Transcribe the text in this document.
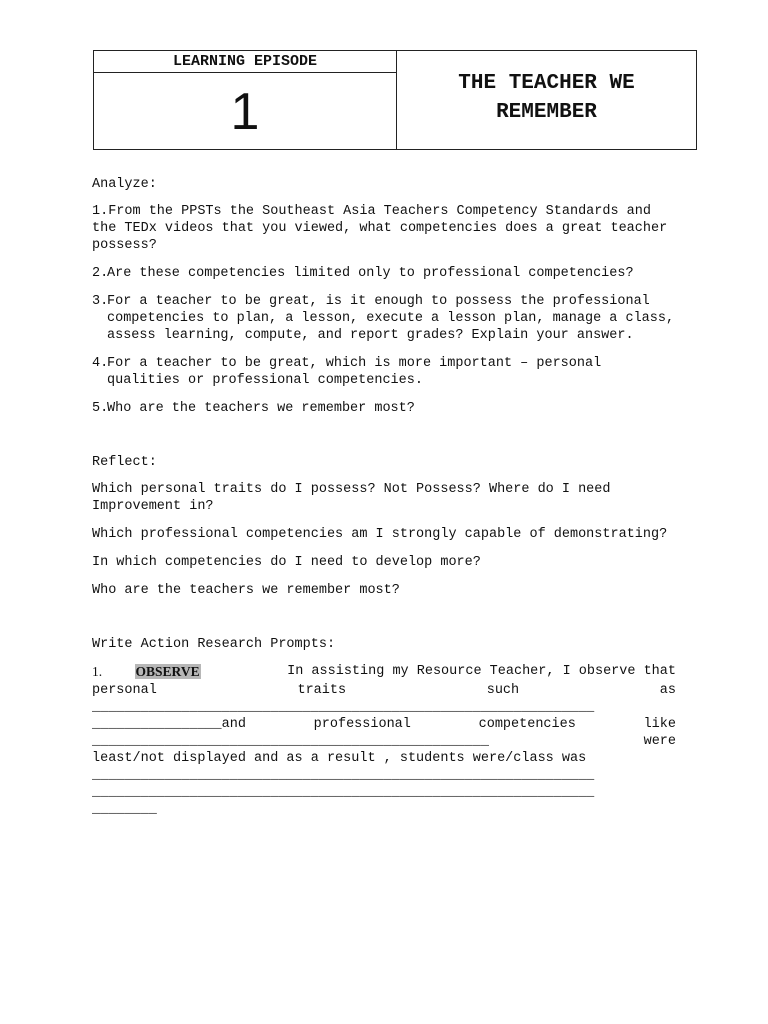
LEARNING EPISODE
1	THE TEACHER WE
REMEMBER

Analyze:

1.From the PPSTs the Southeast Asia Teachers Competency Standards and the TEDx videos that you viewed, what competencies does a great teacher possess?

2.
Are these competencies limited only to professional competencies?
3.
For a teacher to be great, is it enough to possess the professional competencies to plan, a lesson, execute a lesson plan, manage a class, assess learning, compute, and report grades? Explain your answer.
4.
For a teacher to be great, which is more important – personal qualities or professional competencies.
5.
Who are the teachers we remember most?

Reflect:

Which personal traits do I possess? Not Possess? Where do I need Improvement in?

Which professional competencies am I strongly capable of demonstrating?

In which competencies do I need to develop more?

Who are the teachers we remember most?

Write Action Research Prompts:

1. OBSERVE	In assisting my Resource Teacher, I observe that
personal	traits	such	as
______________________________________________________________
________________and	professional	competencies	like
_________________________________________________	were
least/not displayed and as a result , students were/class was
______________________________________________________________
______________________________________________________________
________
